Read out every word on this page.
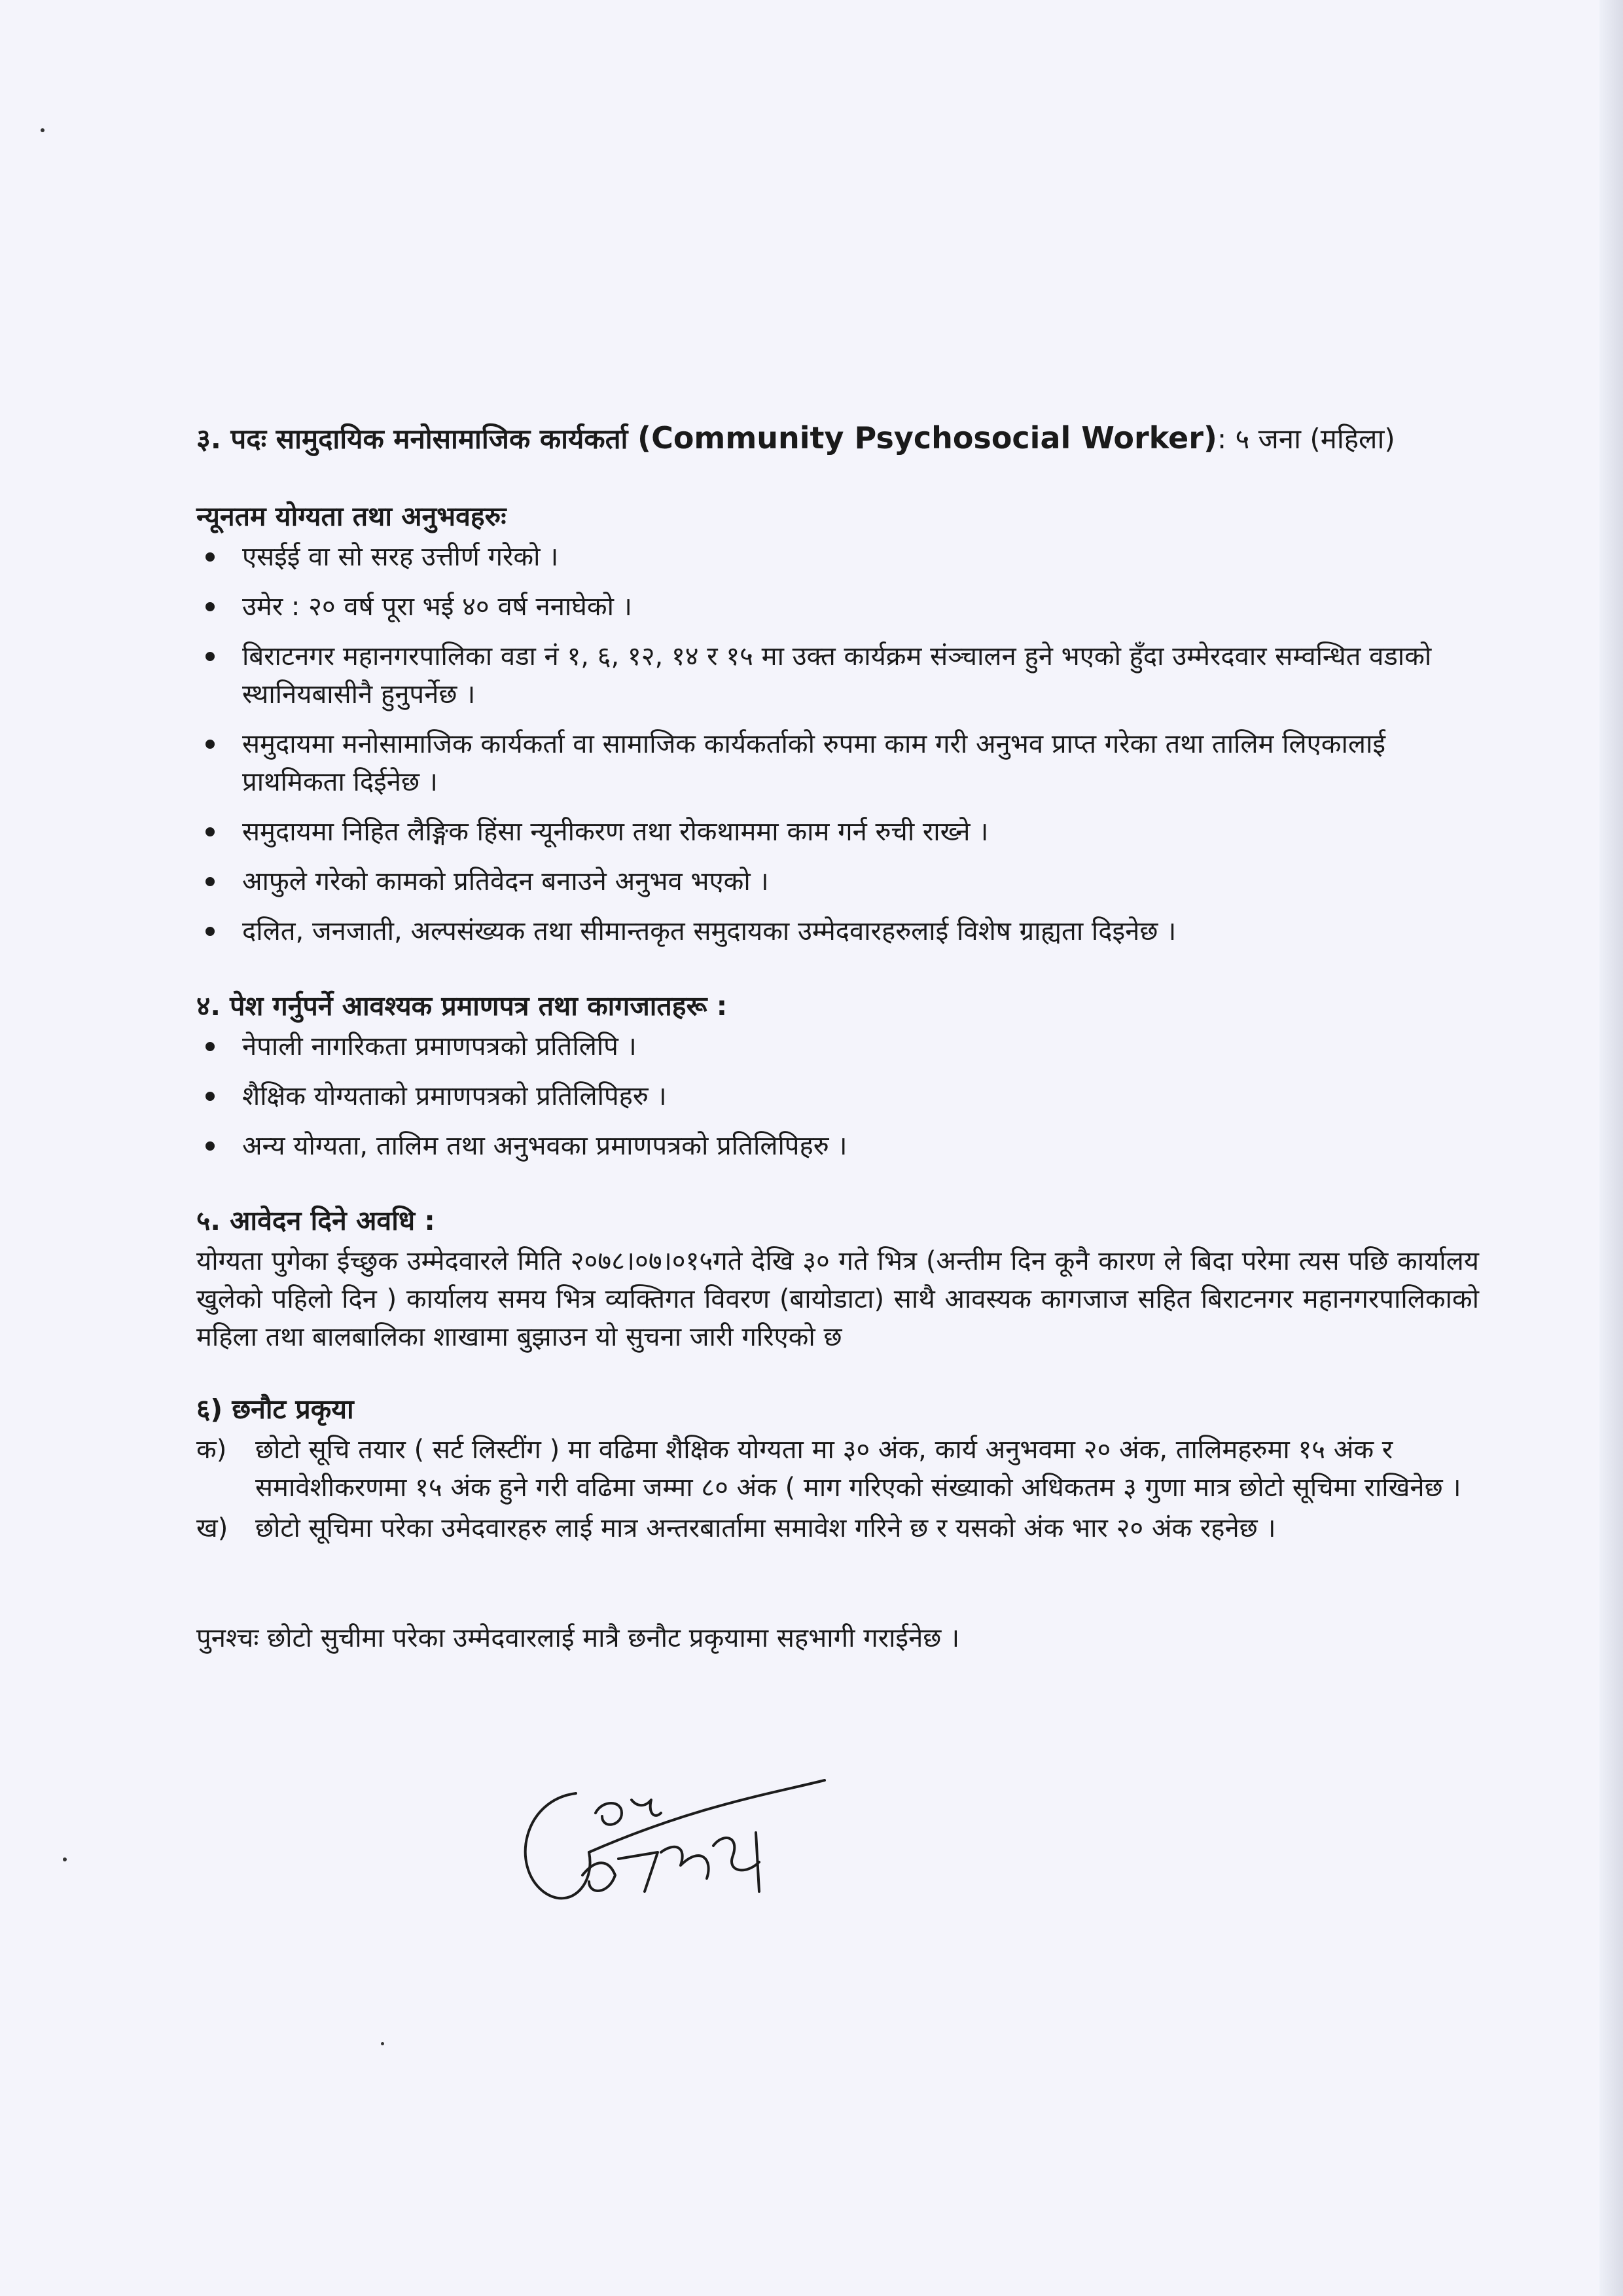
३. पदः सामुदायिक मनोसामाजिक कार्यकर्ता (Community Psychosocial Worker): ५ जना (महिला)
न्यूनतम योग्यता तथा अनुभवहरुः
एसईई वा सो सरह उत्तीर्ण गरेको ।
उमेर : २० वर्ष पूरा भई ४० वर्ष ननाघेको ।
बिराटनगर महानगरपालिका वडा नं १, ६, १२, १४ र १५ मा उक्त कार्यक्रम संञ्चालन हुने भएको हुँदा उम्मेरदवार सम्वन्धित वडाको स्थानियबासीनै हुनुपर्नेछ ।
समुदायमा मनोसामाजिक कार्यकर्ता वा सामाजिक कार्यकर्ताको रुपमा काम गरी अनुभव प्राप्त गरेका तथा तालिम लिएकालाई प्राथमिकता दिईनेछ ।
समुदायमा निहित लैङ्गिक हिंसा न्यूनीकरण तथा रोकथाममा काम गर्न रुची राख्ने ।
आफुले गरेको कामको प्रतिवेदन बनाउने अनुभव भएको ।
दलित, जनजाती, अल्पसंख्यक तथा सीमान्तकृत समुदायका उम्मेदवारहरुलाई विशेष ग्राह्यता दिइनेछ ।
४. पेश गर्नुपर्ने आवश्यक प्रमाणपत्र तथा कागजातहरू :
नेपाली नागरिकता प्रमाणपत्रको प्रतिलिपि ।
शैक्षिक योग्यताको प्रमाणपत्रको प्रतिलिपिहरु ।
अन्य योग्यता, तालिम तथा अनुभवका प्रमाणपत्रको प्रतिलिपिहरु ।
५. आवेदन दिने अवधि :
योग्यता पुगेका ईच्छुक उम्मेदवारले मिति २०७८।०७।०१५गते देखि ३० गते भित्र (अन्तीम दिन कूनै कारण ले बिदा परेमा त्यस पछि कार्यालय खुलेको पहिलो दिन ) कार्यालय समय भित्र व्यक्तिगत विवरण (बायोडाटा) साथै आवस्यक कागजाज सहित बिराटनगर महानगरपालिकाको महिला तथा बालबालिका शाखामा बुझाउन यो सुचना जारी गरिएको छ
६) छनौट प्रकृया
क) छोटो सूचि तयार ( सर्ट लिस्टींग ) मा वढिमा शैक्षिक योग्यता मा ३० अंक, कार्य अनुभवमा २० अंक, तालिमहरुमा १५ अंक र समावेशीकरणमा १५ अंक हुने गरी वढिमा जम्मा ८० अंक ( माग गरिएको संख्याको अधिकतम ३ गुणा मात्र छोटो सूचिमा राखिनेछ ।
ख) छोटो सूचिमा परेका उमेदवारहरु लाई मात्र अन्तरबार्तामा समावेश गरिने छ र यसको अंक भार २० अंक रहनेछ ।
पुनश्चः छोटो सुचीमा परेका उम्मेदवारलाई मात्रै छनौट प्रकृयामा सहभागी गराईनेछ ।
